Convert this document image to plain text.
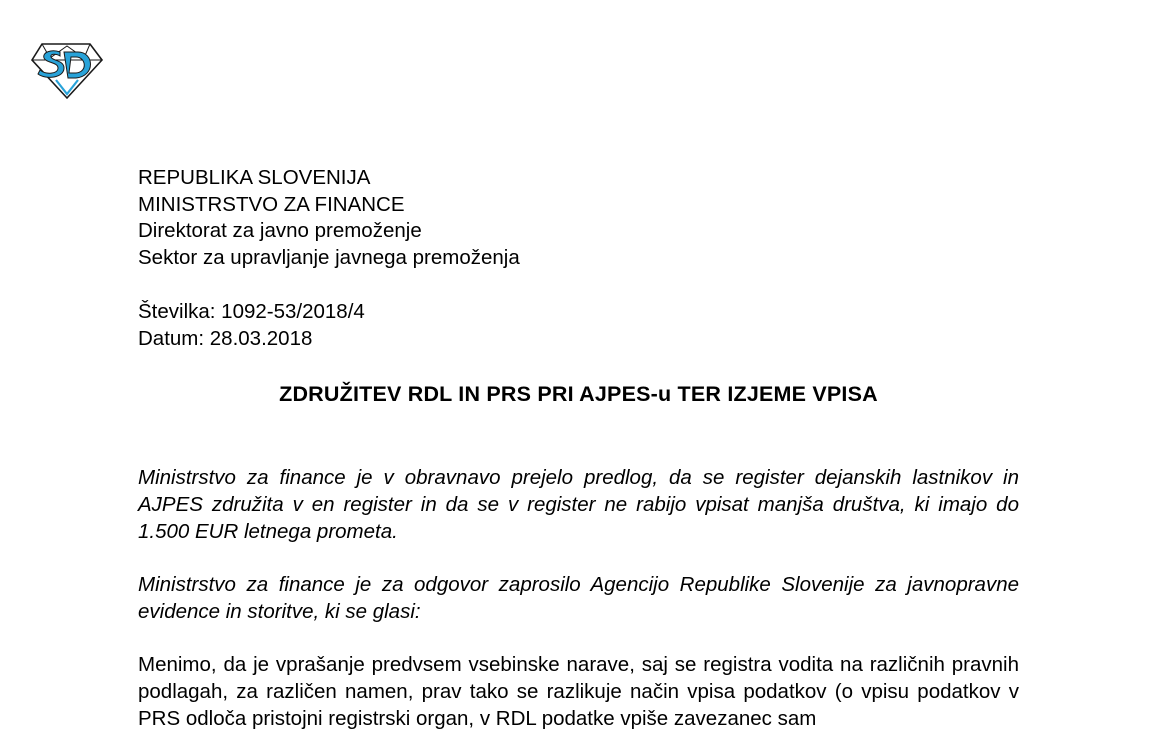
REPUBLIKA SLOVENIJA
MINISTRSTVO ZA FINANCE
Direktorat za javno premoženje
Sektor za upravljanje javnega premoženja
Številka: 1092-53/2018/4
Datum: 28.03.2018
ZDRUŽITEV RDL IN PRS PRI AJPES-u TER IZJEME VPISA

Ministrstvo za finance je v obravnavo prejelo predlog, da se register dejanskih lastnikov in AJPES združita v en register in da se v register ne rabijo vpisat manjša društva, ki imajo do 1.500 EUR letnega prometa.

Ministrstvo za finance je za odgovor zaprosilo Agencijo Republike Slovenije za javnopravne evidence in storitve, ki se glasi:

Menimo, da je vprašanje predvsem vsebinske narave, saj se registra vodita na različnih pravnih podlagah, za različen namen, prav tako se razlikuje način vpisa podatkov (o vpisu podatkov v PRS odloča pristojni registrski organ, v RDL podatke vpiše zavezanec sam
